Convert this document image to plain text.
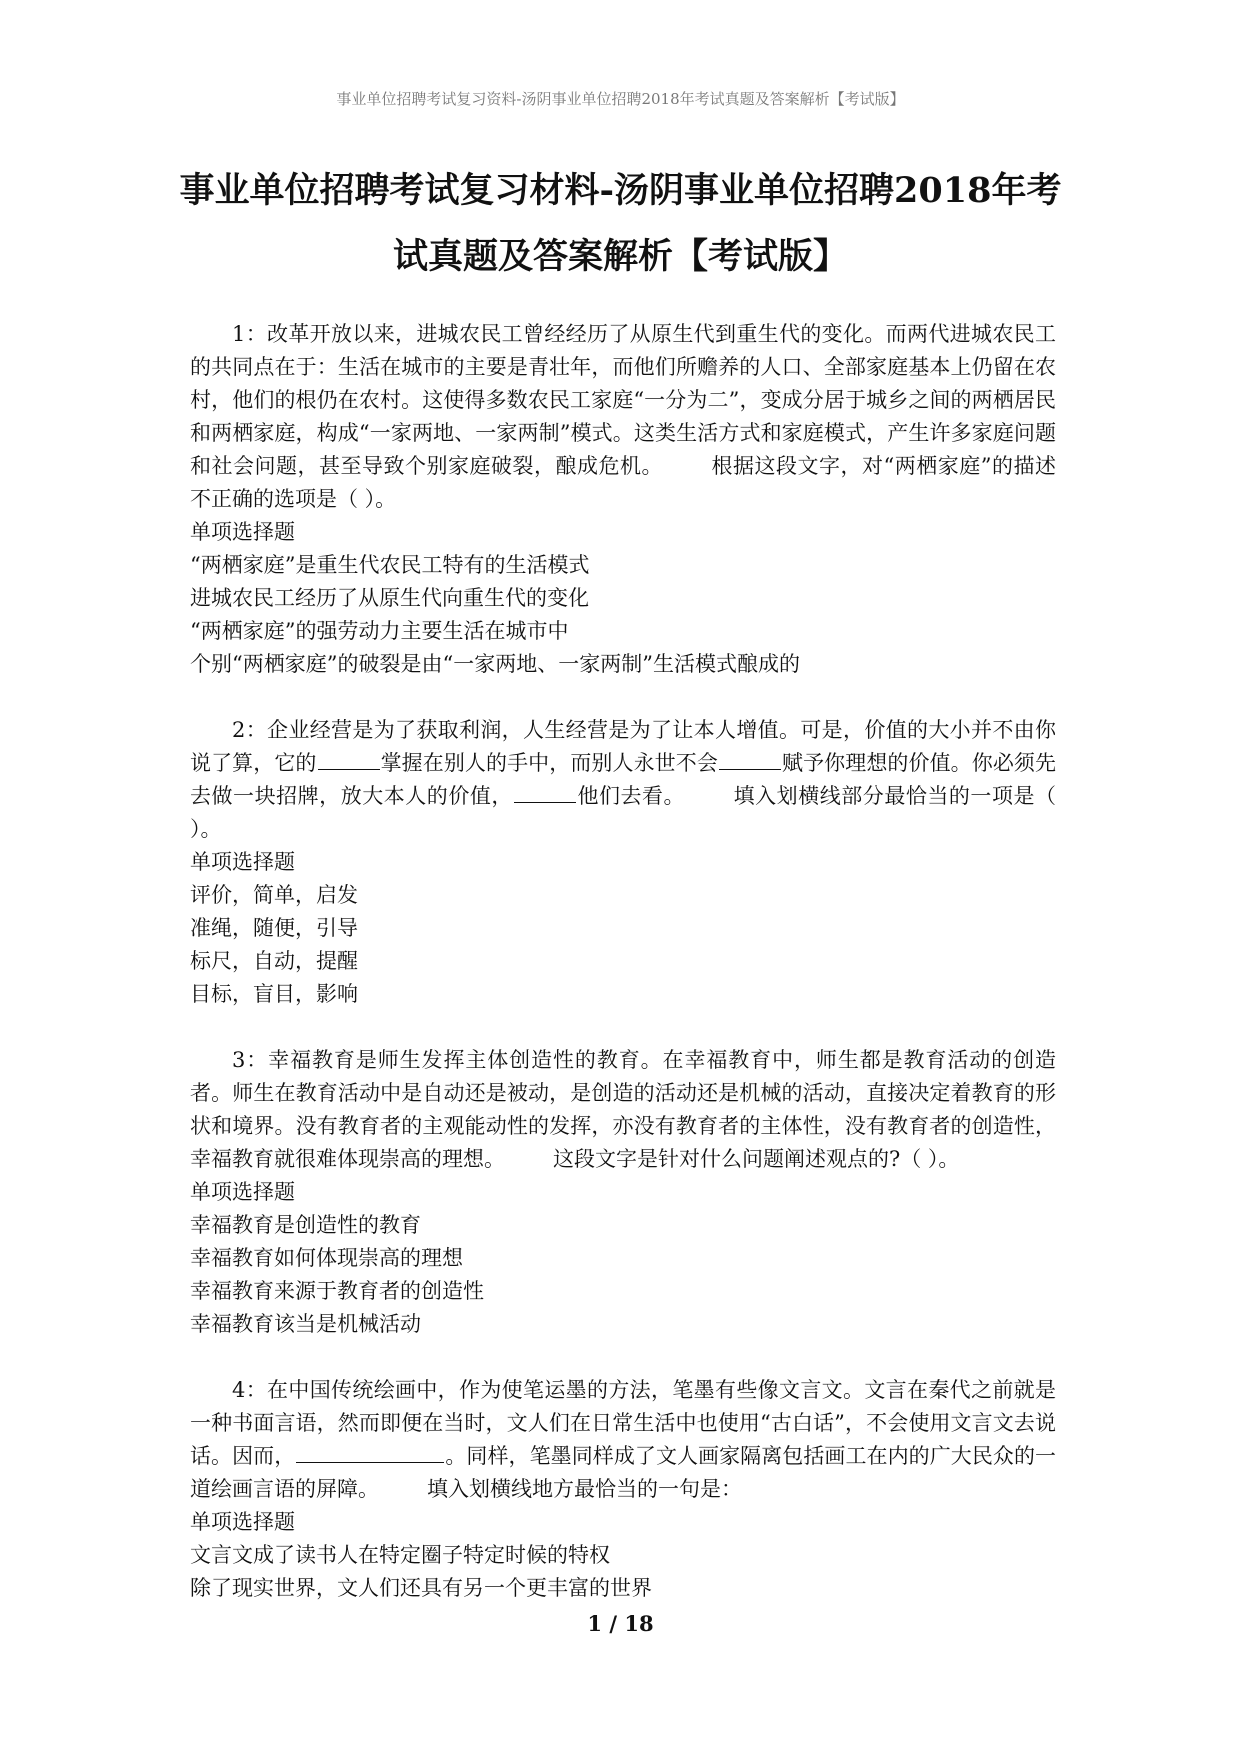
事业单位招聘考试复习资料-汤阴事业单位招聘2018年考试真题及答案解析【考试版】
事业单位招聘考试复习材料-汤阴事业单位招聘2018年考
试真题及答案解析【考试版】
1：改革开放以来，进城农民工曾经经历了从原生代到重生代的变化。而两代进城农民工的共同点在于：生活在城市的主要是青壮年，而他们所赡养的人口、全部家庭基本上仍留在农村，他们的根仍在农村。这使得多数农民工家庭“一分为二”，变成分居于城乡之间的两栖居民和两栖家庭，构成“一家两地、一家两制”模式。这类生活方式和家庭模式，产生许多家庭问题和社会问题，甚至导致个别家庭破裂，酿成危机。 根据这段文字，对“两栖家庭”的描述不正确的选项是（ ）。
单项选择题
“两栖家庭”是重生代农民工特有的生活模式
进城农民工经历了从原生代向重生代的变化
“两栖家庭”的强劳动力主要生活在城市中
个别“两栖家庭”的破裂是由“一家两地、一家两制”生活模式酿成的
2：企业经营是为了获取利润，人生经营是为了让本人增值。可是，价值的大小并不由你说了算，它的	掌握在别人的手中，而别人永世不会	赋予你理想的价值。你必须先去做一块招牌，放大本人的价值，	他们去看。 填入划横线部分最恰当的一项是（ ）。
单项选择题
评价，简单，启发
准绳，随便，引导
标尺，自动，提醒
目标，盲目，影响
3：幸福教育是师生发挥主体创造性的教育。在幸福教育中，师生都是教育活动的创造者。师生在教育活动中是自动还是被动，是创造的活动还是机械的活动，直接决定着教育的形状和境界。没有教育者的主观能动性的发挥，亦没有教育者的主体性，没有教育者的创造性，幸福教育就很难体现崇高的理想。 这段文字是针对什么问题阐述观点的?（ ）。
单项选择题
幸福教育是创造性的教育
幸福教育如何体现崇高的理想
幸福教育来源于教育者的创造性
幸福教育该当是机械活动
4：在中国传统绘画中，作为使笔运墨的方法，笔墨有些像文言文。文言在秦代之前就是一种书面言语，然而即便在当时，文人们在日常生活中也使用“古白话”，不会使用文言文去说话。因而，	。同样，笔墨同样成了文人画家隔离包括画工在内的广大民众的一道绘画言语的屏障。 填入划横线地方最恰当的一句是：
单项选择题
文言文成了读书人在特定圈子特定时候的特权
除了现实世界，文人们还具有另一个更丰富的世界
1 / 18
